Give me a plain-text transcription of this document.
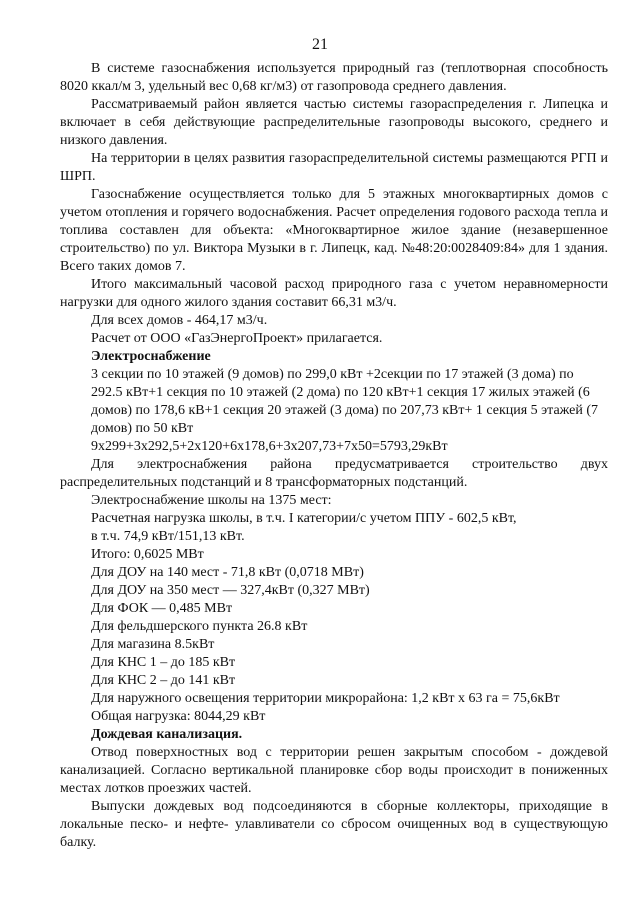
21

В системе газоснабжения используется природный газ (теплотворная способность 8020 ккал/м 3, удельный вес 0,68 кг/м3) от газопровода среднего давления.

Рассматриваемый район является частью системы газораспределения г. Липецка и включает в себя действующие распределительные газопроводы высокого, среднего и низкого давления.

На территории в целях развития газораспределительной системы размещаются РГП и ШРП.

Газоснабжение осуществляется только для 5 этажных многоквартирных домов с учетом отопления и горячего водоснабжения. Расчет определения годового расхода тепла и топлива составлен для объекта: «Многоквартирное жилое здание (незавершенное строительство) по ул. Виктора Музыки в г. Липецк, кад. №48:20:0028409:84» для 1 здания. Всего таких домов 7.

Итого максимальный часовой расход природного газа с учетом неравномерности нагрузки для одного жилого здания составит 66,31 м3/ч.

Для всех домов - 464,17 м3/ч.

Расчет от ООО «ГазЭнергоПроект» прилагается.

Электроснабжение

3 секции по 10 этажей (9 домов) по 299,0 кВт +2секции по 17 этажей (3 дома) по 292.5 кВт+1 секция по 10 этажей (2 дома) по 120 кВт+1 секция 17 жилых этажей (6 домов) по 178,6 кВ+1 секция 20 этажей (3 дома) по 207,73 кВт+ 1 секция 5 этажей (7 домов) по 50 кВт

9х299+3х292,5+2х120+6х178,6+3х207,73+7х50=5793,29кВт

Для электроснабжения района предусматривается строительство двух распределительных подстанций и 8 трансформаторных подстанций.

Электроснабжение школы на 1375 мест:

Расчетная нагрузка школы, в т.ч. I категории/с учетом ППУ - 602,5 кВт,

в т.ч. 74,9 кВт/151,13 кВт.

Итого: 0,6025 МВт

Для ДОУ на 140 мест - 71,8 кВт (0,0718 МВт)

Для ДОУ на 350 мест — 327,4кВт (0,327 МВт)

Для ФОК — 0,485 МВт

Для фельдшерского пункта 26.8 кВт

Для магазина 8.5кВт

Для КНС 1 – до 185 кВт

Для КНС 2 – до 141 кВт

Для наружного освещения территории микрорайона: 1,2 кВт х 63 га = 75,6кВт

Общая нагрузка: 8044,29 кВт

Дождевая канализация.

Отвод поверхностных вод с территории решен закрытым способом - дождевой канализацией. Согласно вертикальной планировке сбор воды происходит в пониженных местах лотков проезжих частей.

Выпуски дождевых вод подсоединяются в сборные коллекторы, приходящие в локальные песко- и нефте- улавливатели со сбросом очищенных вод в существующую балку.
